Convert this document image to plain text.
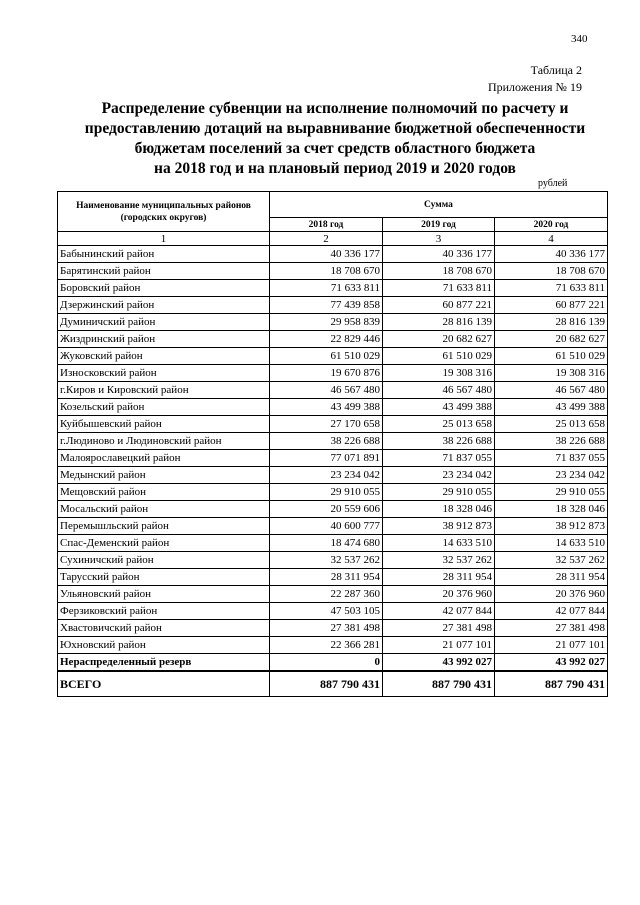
340
Таблица 2
Приложения № 19
Распределение субвенции на исполнение полномочий по расчету и
предоставлению дотаций на выравнивание бюджетной обеспеченности
бюджетам поселений за счет средств областного бюджета
на 2018 год и на плановый период 2019 и 2020 годов
рублей
Наименование муниципальных районов (городских округов)	Сумма		
	2018 год	2019 год	2020 год
1	2	3	4
Бабынинский район	40 336 177	40 336 177	40 336 177
Барятинский район	18 708 670	18 708 670	18 708 670
Боровский район	71 633 811	71 633 811	71 633 811
Дзержинский район	77 439 858	60 877 221	60 877 221
Думиничский район	29 958 839	28 816 139	28 816 139
Жиздринский район	22 829 446	20 682 627	20 682 627
Жуковский район	61 510 029	61 510 029	61 510 029
Износковский район	19 670 876	19 308 316	19 308 316
г.Киров и Кировский район	46 567 480	46 567 480	46 567 480
Козельский район	43 499 388	43 499 388	43 499 388
Куйбышевский район	27 170 658	25 013 658	25 013 658
г.Людиново и Людиновский район	38 226 688	38 226 688	38 226 688
Малоярославецкий район	77 071 891	71 837 055	71 837 055
Медынский район	23 234 042	23 234 042	23 234 042
Мещовский район	29 910 055	29 910 055	29 910 055
Мосальский район	20 559 606	18 328 046	18 328 046
Перемышльский район	40 600 777	38 912 873	38 912 873
Спас-Деменский район	18 474 680	14 633 510	14 633 510
Сухиничский район	32 537 262	32 537 262	32 537 262
Тарусский район	28 311 954	28 311 954	28 311 954
Ульяновский район	22 287 360	20 376 960	20 376 960
Ферзиковский район	47 503 105	42 077 844	42 077 844
Хвастовичский район	27 381 498	27 381 498	27 381 498
Юхновский район	22 366 281	21 077 101	21 077 101
Нераспределенный резерв	0	43 992 027	43 992 027
ВСЕГО	887 790 431	887 790 431	887 790 431
